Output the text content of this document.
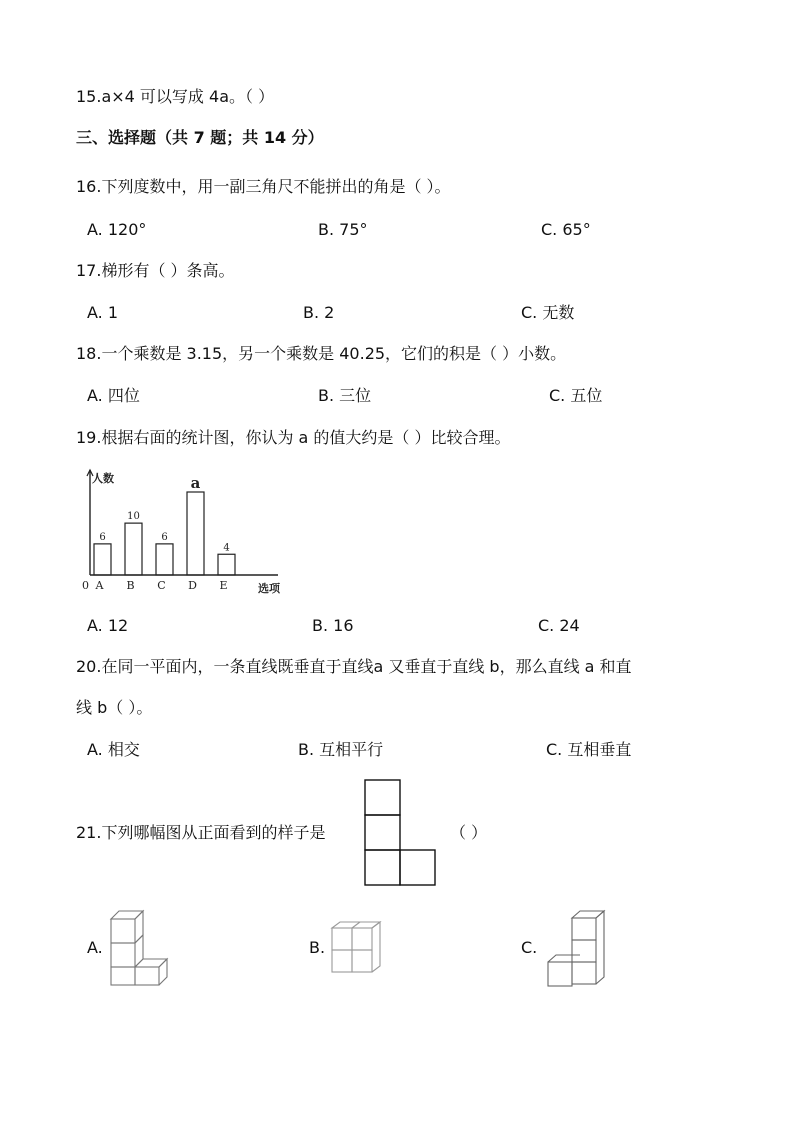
15.a×4 可以写成 4a。（ ）
三、选择题（共 7 题；共 14 分）
16.下列度数中，用一副三角尺不能拼出的角是（ ）。
A. 120°	B. 75°	C. 65°
17.梯形有（ ）条高。
A. 1	B. 2	C. 无数
18.一个乘数是 3.15，另一个乘数是 40.25，它们的积是（ ）小数。
A. 四位	B. 三位	C. 五位
19.根据右面的统计图，你认为 a 的值大约是（ ）比较合理。
人数
0	选项
6
A
10
B
6
C
a
D
4
E
A. 12	B. 16	C. 24
20.在同一平面内，一条直线既垂直于直线a 又垂直于直线 b，那么直线 a 和直
线 b（ ）。
A. 相交	B. 互相平行	C. 互相垂直
21.下列哪幅图从正面看到的样子是	（ ）
A.	B.	C.
